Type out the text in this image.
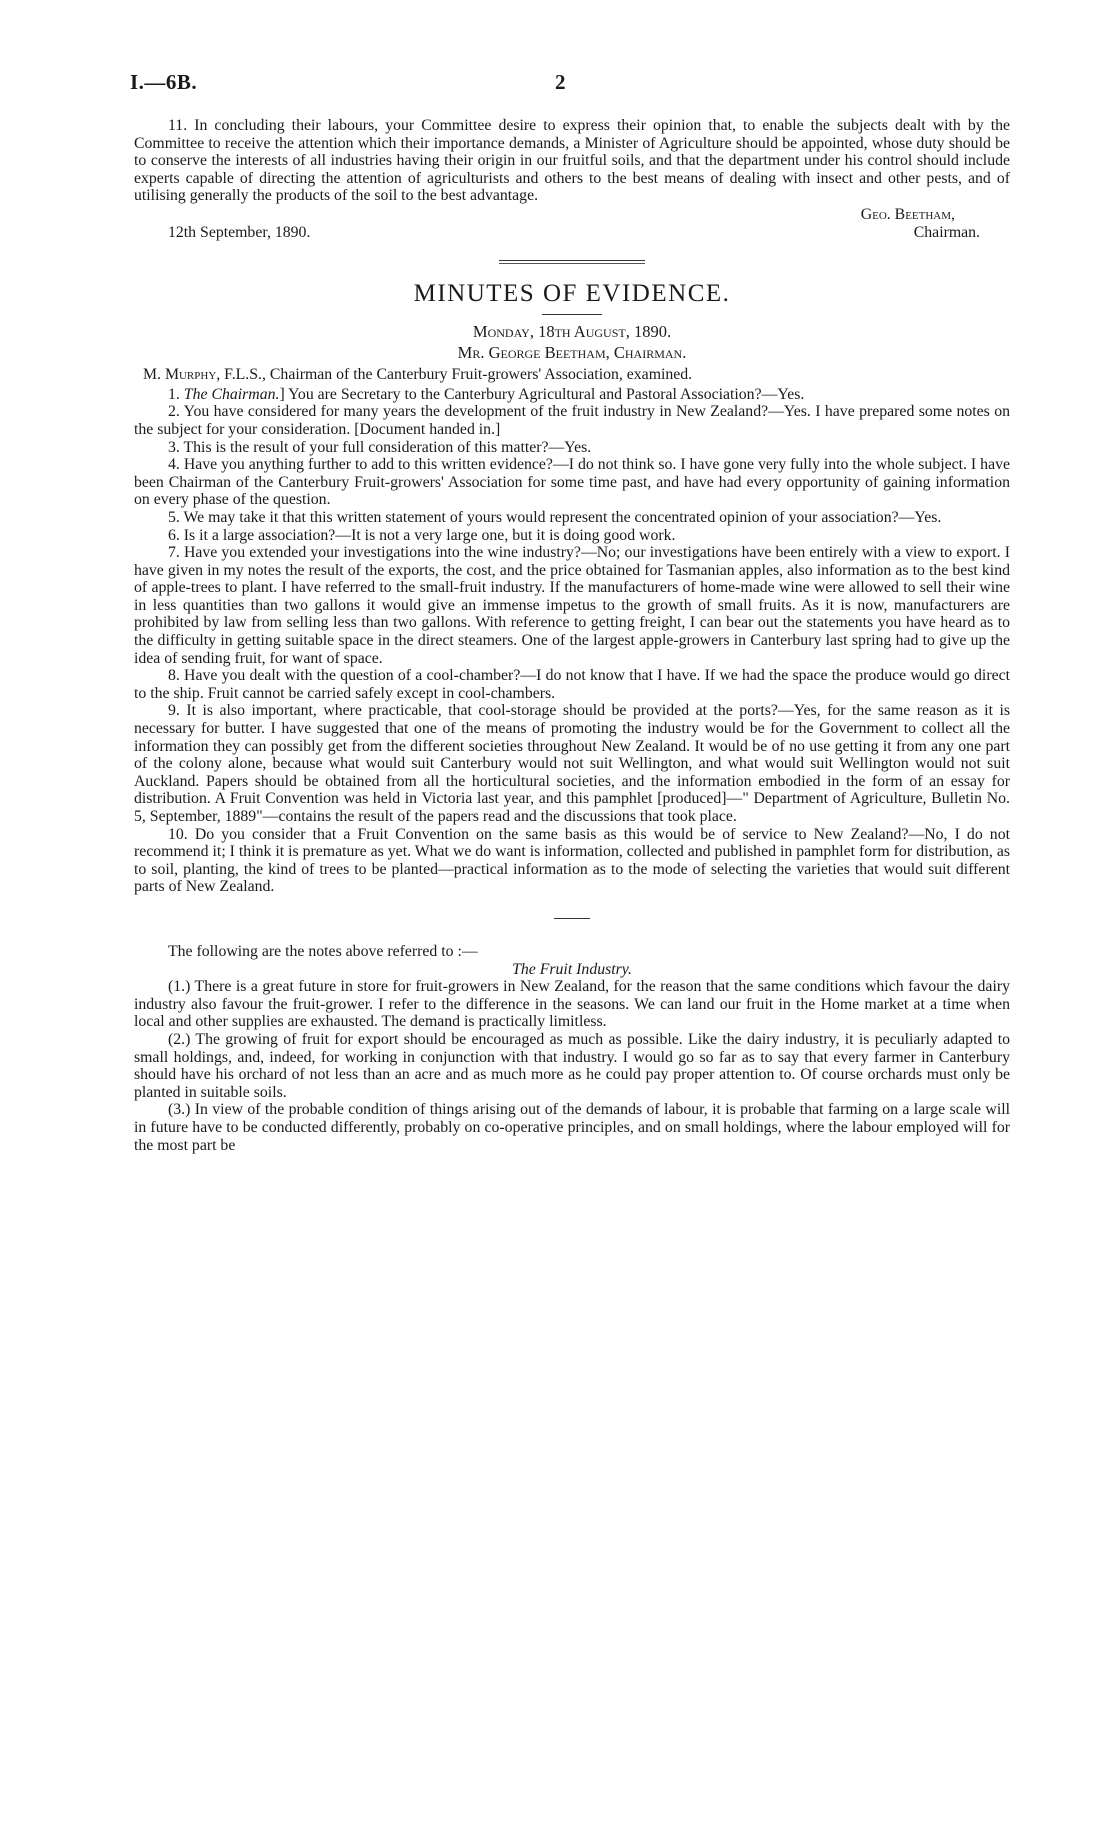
I.—6B.	2

11. In concluding their labours, your Committee desire to express their opinion that, to enable the subjects dealt with by the Committee to receive the attention which their importance demands, a Minister of Agriculture should be appointed, whose duty should be to conserve the interests of all industries having their origin in our fruitful soils, and that the department under his control should include experts capable of directing the attention of agriculturists and others to the best means of dealing with insect and other pests, and of utilising generally the products of the soil to the best advantage.

Geo. Beetham,
12th September, 1890.	Chairman.
MINUTES OF EVIDENCE.

Monday, 18th August, 1890.

Mr. George Beetham, Chairman.

M. Murphy, F.L.S., Chairman of the Canterbury Fruit-growers' Association, examined.

1. The Chairman.] You are Secretary to the Canterbury Agricultural and Pastoral Association?—Yes.

2. You have considered for many years the development of the fruit industry in New Zealand?—Yes. I have prepared some notes on the subject for your consideration. [Document handed in.]

3. This is the result of your full consideration of this matter?—Yes.

4. Have you anything further to add to this written evidence?—I do not think so. I have gone very fully into the whole subject. I have been Chairman of the Canterbury Fruit-growers' Association for some time past, and have had every opportunity of gaining information on every phase of the question.

5. We may take it that this written statement of yours would represent the concentrated opinion of your association?—Yes.

6. Is it a large association?—It is not a very large one, but it is doing good work.

7. Have you extended your investigations into the wine industry?—No; our investigations have been entirely with a view to export. I have given in my notes the result of the exports, the cost, and the price obtained for Tasmanian apples, also information as to the best kind of apple-trees to plant. I have referred to the small-fruit industry. If the manufacturers of home-made wine were allowed to sell their wine in less quantities than two gallons it would give an immense impetus to the growth of small fruits. As it is now, manufacturers are prohibited by law from selling less than two gallons. With reference to getting freight, I can bear out the statements you have heard as to the difficulty in getting suitable space in the direct steamers. One of the largest apple-growers in Canterbury last spring had to give up the idea of sending fruit, for want of space.

8. Have you dealt with the question of a cool-chamber?—I do not know that I have. If we had the space the produce would go direct to the ship. Fruit cannot be carried safely except in cool-chambers.

9. It is also important, where practicable, that cool-storage should be provided at the ports?—Yes, for the same reason as it is necessary for butter. I have suggested that one of the means of promoting the industry would be for the Government to collect all the information they can possibly get from the different societies throughout New Zealand. It would be of no use getting it from any one part of the colony alone, because what would suit Canterbury would not suit Wellington, and what would suit Wellington would not suit Auckland. Papers should be obtained from all the horticultural societies, and the information embodied in the form of an essay for distribution. A Fruit Convention was held in Victoria last year, and this pamphlet [produced]—" Department of Agriculture, Bulletin No. 5, September, 1889"—contains the result of the papers read and the discussions that took place.

10. Do you consider that a Fruit Convention on the same basis as this would be of service to New Zealand?—No, I do not recommend it; I think it is premature as yet. What we do want is information, collected and published in pamphlet form for distribution, as to soil, planting, the kind of trees to be planted—practical information as to the mode of selecting the varieties that would suit different parts of New Zealand.

The following are the notes above referred to :—

The Fruit Industry.

(1.) There is a great future in store for fruit-growers in New Zealand, for the reason that the same conditions which favour the dairy industry also favour the fruit-grower. I refer to the difference in the seasons. We can land our fruit in the Home market at a time when local and other supplies are exhausted. The demand is practically limitless.

(2.) The growing of fruit for export should be encouraged as much as possible. Like the dairy industry, it is peculiarly adapted to small holdings, and, indeed, for working in conjunction with that industry. I would go so far as to say that every farmer in Canterbury should have his orchard of not less than an acre and as much more as he could pay proper attention to. Of course orchards must only be planted in suitable soils.

(3.) In view of the probable condition of things arising out of the demands of labour, it is probable that farming on a large scale will in future have to be conducted differently, probably on co-operative principles, and on small holdings, where the labour employed will for the most part be
